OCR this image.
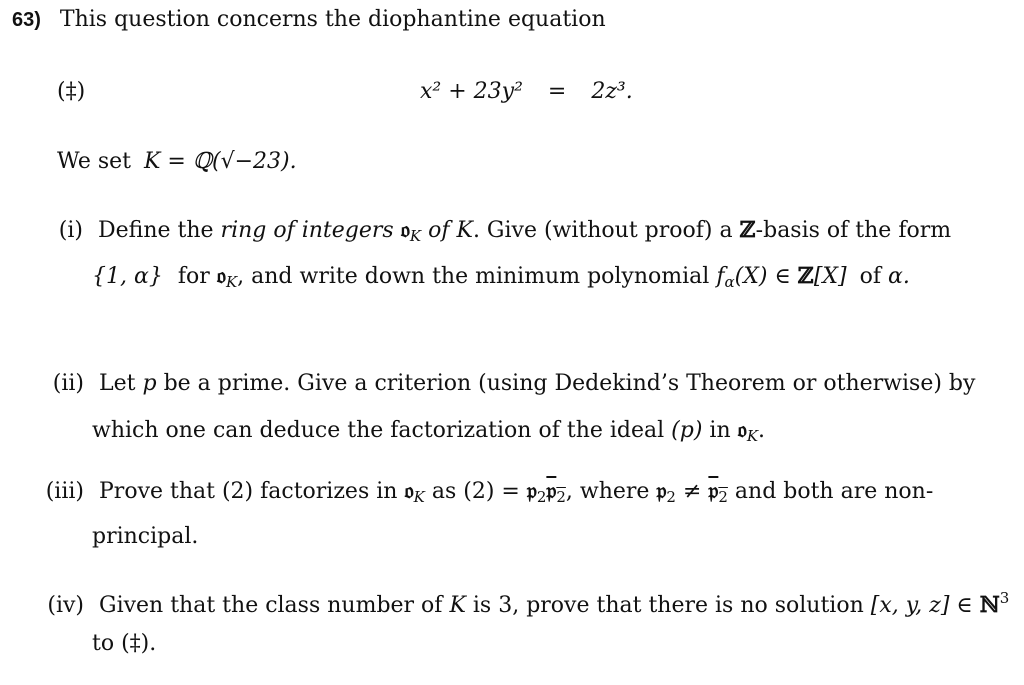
63) This question concerns the diophantine equation
(‡)	x² + 23y² = 2z³.
We set K = ℚ(√−23).
(i) Define the ring of integers 𝔬$_K$ of K. Give (without proof) a ℤ-basis of the form
{1, α} for 𝔬$_K$, and write down the minimum polynomial $f_\alpha(X)$ ∈ ℤ[X] of α.
(ii) Let p be a prime. Give a criterion (using Dedekind’s Theorem or otherwise) by
which one can deduce the factorization of the ideal (p) in 𝔬$_K$.
(iii) Prove that (2) factorizes in 𝔬$_K$ as (2) = 𝔭$_2$𝔭$_2$, where 𝔭$_2$ ≠ 𝔭$_2$ and both are non-
principal.
(iv) Given that the class number of K is 3, prove that there is no solution [x, y, z] ∈ ℕ$^3$
to (‡).
